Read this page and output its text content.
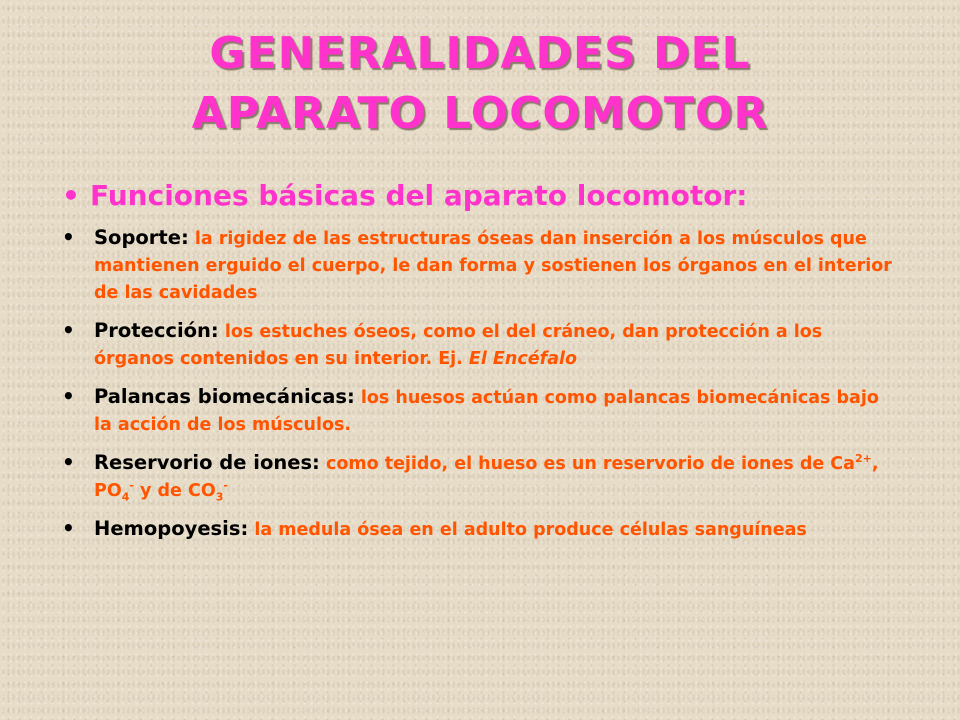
GENERALIDADES DEL
APARATO LOCOMOTOR

• Funciones básicas del aparato locomotor:

• Soporte: la rigidez de las estructuras óseas dan inserción a los músculos que mantienen erguido el cuerpo, le dan forma y sostienen los órganos en el interior de las cavidades
• Protección: los estuches óseos, como el del cráneo, dan protección a los órganos contenidos en su interior. Ej. El Encéfalo
• Palancas biomecánicas: los huesos actúan como palancas biomecánicas bajo la acción de los músculos.
• Reservorio de iones: como tejido, el hueso es un reservorio de iones de $Ca^{2+}$, $PO_4^-$ y de $CO_3^-$
• Hemopoyesis: la medula ósea en el adulto produce células sanguíneas
